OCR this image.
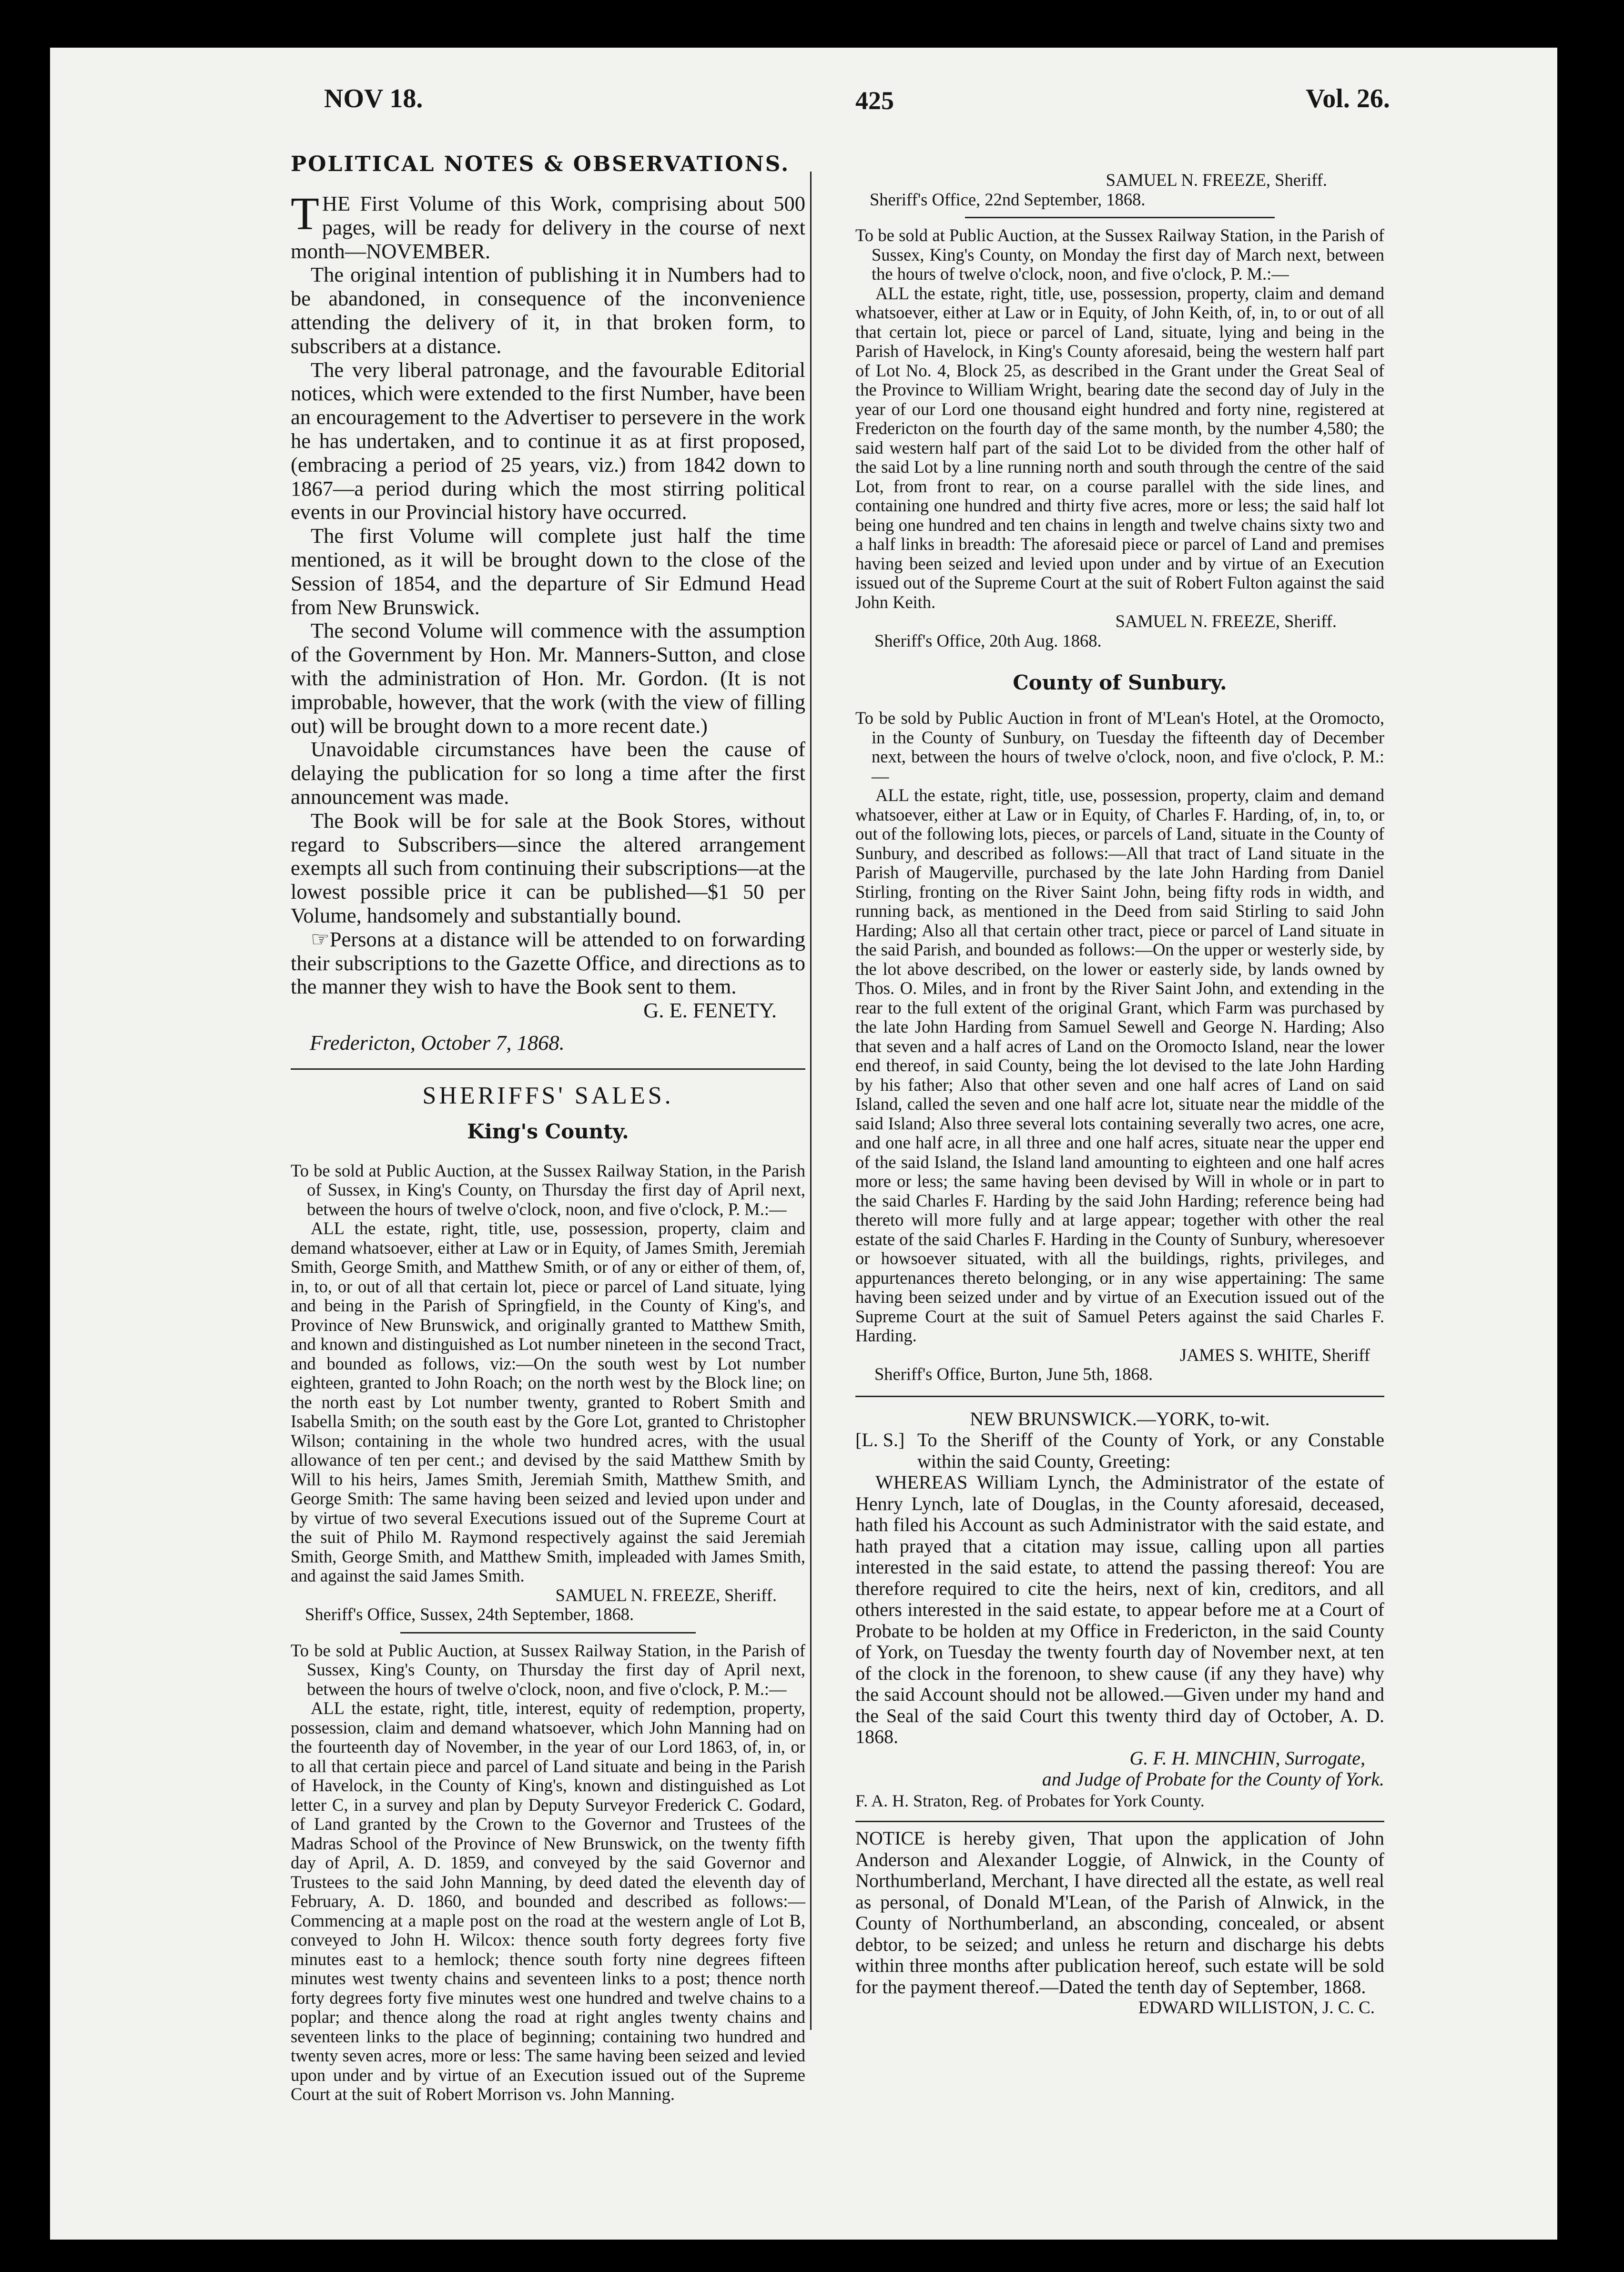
NOV 18.	425	Vol. 26.
POLITICAL NOTES & OBSERVATIONS.

THE First Volume of this Work, comprising about 500 pages, will be ready for delivery in the course of next month—NOVEMBER.

The original intention of publishing it in Numbers had to be abandoned, in consequence of the inconvenience attending the delivery of it, in that broken form, to subscribers at a distance.

The very liberal patronage, and the favourable Editorial notices, which were extended to the first Number, have been an encouragement to the Advertiser to persevere in the work he has undertaken, and to continue it as at first proposed, (embracing a period of 25 years, viz.) from 1842 down to 1867—a period during which the most stirring political events in our Provincial history have occurred.

The first Volume will complete just half the time mentioned, as it will be brought down to the close of the Session of 1854, and the departure of Sir Edmund Head from New Brunswick.

The second Volume will commence with the assumption of the Government by Hon. Mr. Manners-Sutton, and close with the administration of Hon. Mr. Gordon. (It is not improbable, however, that the work (with the view of filling out) will be brought down to a more recent date.)

Unavoidable circumstances have been the cause of delaying the publication for so long a time after the first announcement was made.

The Book will be for sale at the Book Stores, without regard to Subscribers—since the altered arrangement exempts all such from continuing their subscriptions—at the lowest possible price it can be published—$1 50 per Volume, handsomely and substantially bound.

☞Persons at a distance will be attended to on forwarding their subscriptions to the Gazette Office, and directions as to the manner they wish to have the Book sent to them.

G. E. FENETY.

Fredericton, October 7, 1868.

SHERIFFS' SALES.
King's County.

To be sold at Public Auction, at the Sussex Railway Station, in the Parish of Sussex, in King's County, on Thursday the first day of April next, between the hours of twelve o'clock, noon, and five o'clock, P. M.:—

ALL the estate, right, title, use, possession, property, claim and demand whatsoever, either at Law or in Equity, of James Smith, Jeremiah Smith, George Smith, and Matthew Smith, or of any or either of them, of, in, to, or out of all that certain lot, piece or parcel of Land situate, lying and being in the Parish of Springfield, in the County of King's, and Province of New Brunswick, and originally granted to Matthew Smith, and known and distinguished as Lot number nineteen in the second Tract, and bounded as follows, viz:—On the south west by Lot number eighteen, granted to John Roach; on the north west by the Block line; on the north east by Lot number twenty, granted to Robert Smith and Isabella Smith; on the south east by the Gore Lot, granted to Christopher Wilson; containing in the whole two hundred acres, with the usual allowance of ten per cent.; and devised by the said Matthew Smith by Will to his heirs, James Smith, Jeremiah Smith, Matthew Smith, and George Smith: The same having been seized and levied upon under and by virtue of two several Executions issued out of the Supreme Court at the suit of Philo M. Raymond respectively against the said Jeremiah Smith, George Smith, and Matthew Smith, impleaded with James Smith, and against the said James Smith.

SAMUEL N. FREEZE, Sheriff.

Sheriff's Office, Sussex, 24th September, 1868.

To be sold at Public Auction, at Sussex Railway Station, in the Parish of Sussex, King's County, on Thursday the first day of April next, between the hours of twelve o'clock, noon, and five o'clock, P. M.:—

ALL the estate, right, title, interest, equity of redemption, property, possession, claim and demand whatsoever, which John Manning had on the fourteenth day of November, in the year of our Lord 1863, of, in, or to all that certain piece and parcel of Land situate and being in the Parish of Havelock, in the County of King's, known and distinguished as Lot letter C, in a survey and plan by Deputy Surveyor Frederick C. Godard, of Land granted by the Crown to the Governor and Trustees of the Madras School of the Province of New Brunswick, on the twenty fifth day of April, A. D. 1859, and conveyed by the said Governor and Trustees to the said John Manning, by deed dated the eleventh day of February, A. D. 1860, and bounded and described as follows:—Commencing at a maple post on the road at the western angle of Lot B, conveyed to John H. Wilcox: thence south forty degrees forty five minutes east to a hemlock; thence south forty nine degrees fifteen minutes west twenty chains and seventeen links to a post; thence north forty degrees forty five minutes west one hundred and twelve chains to a poplar; and thence along the road at right angles twenty chains and seventeen links to the place of beginning; containing two hundred and twenty seven acres, more or less: The same having been seized and levied upon under and by virtue of an Execution issued out of the Supreme Court at the suit of Robert Morrison vs. John Manning.

SAMUEL N. FREEZE, Sheriff.

Sheriff's Office, 22nd September, 1868.

To be sold at Public Auction, at the Sussex Railway Station, in the Parish of Sussex, King's County, on Monday the first day of March next, between the hours of twelve o'clock, noon, and five o'clock, P. M.:—

ALL the estate, right, title, use, possession, property, claim and demand whatsoever, either at Law or in Equity, of John Keith, of, in, to or out of all that certain lot, piece or parcel of Land, situate, lying and being in the Parish of Havelock, in King's County aforesaid, being the western half part of Lot No. 4, Block 25, as described in the Grant under the Great Seal of the Province to William Wright, bearing date the second day of July in the year of our Lord one thousand eight hundred and forty nine, registered at Fredericton on the fourth day of the same month, by the number 4,580; the said western half part of the said Lot to be divided from the other half of the said Lot by a line running north and south through the centre of the said Lot, from front to rear, on a course parallel with the side lines, and containing one hundred and thirty five acres, more or less; the said half lot being one hundred and ten chains in length and twelve chains sixty two and a half links in breadth: The aforesaid piece or parcel of Land and premises having been seized and levied upon under and by virtue of an Execution issued out of the Supreme Court at the suit of Robert Fulton against the said John Keith.

SAMUEL N. FREEZE, Sheriff.

Sheriff's Office, 20th Aug. 1868.

County of Sunbury.

To be sold by Public Auction in front of M'Lean's Hotel, at the Oromocto, in the County of Sunbury, on Tuesday the fifteenth day of December next, between the hours of twelve o'clock, noon, and five o'clock, P. M.:—

ALL the estate, right, title, use, possession, property, claim and demand whatsoever, either at Law or in Equity, of Charles F. Harding, of, in, to, or out of the following lots, pieces, or parcels of Land, situate in the County of Sunbury, and described as follows:—All that tract of Land situate in the Parish of Maugerville, purchased by the late John Harding from Daniel Stirling, fronting on the River Saint John, being fifty rods in width, and running back, as mentioned in the Deed from said Stirling to said John Harding; Also all that certain other tract, piece or parcel of Land situate in the said Parish, and bounded as follows:—On the upper or westerly side, by the lot above described, on the lower or easterly side, by lands owned by Thos. O. Miles, and in front by the River Saint John, and extending in the rear to the full extent of the original Grant, which Farm was purchased by the late John Harding from Samuel Sewell and George N. Harding; Also that seven and a half acres of Land on the Oromocto Island, near the lower end thereof, in said County, being the lot devised to the late John Harding by his father; Also that other seven and one half acres of Land on said Island, called the seven and one half acre lot, situate near the middle of the said Island; Also three several lots containing severally two acres, one acre, and one half acre, in all three and one half acres, situate near the upper end of the said Island, the Island land amounting to eighteen and one half acres more or less; the same having been devised by Will in whole or in part to the said Charles F. Harding by the said John Harding; reference being had thereto will more fully and at large appear; together with other the real estate of the said Charles F. Harding in the County of Sunbury, wheresoever or howsoever situated, with all the buildings, rights, privileges, and appurtenances thereto belonging, or in any wise appertaining: The same having been seized under and by virtue of an Execution issued out of the Supreme Court at the suit of Samuel Peters against the said Charles F. Harding.

JAMES S. WHITE, Sheriff

Sheriff's Office, Burton, June 5th, 1868.

NEW BRUNSWICK.—YORK, to-wit.

[L. S.] To the Sheriff of the County of York, or any Constable within the said County, Greeting:

WHEREAS William Lynch, the Administrator of the estate of Henry Lynch, late of Douglas, in the County aforesaid, deceased, hath filed his Account as such Administrator with the said estate, and hath prayed that a citation may issue, calling upon all parties interested in the said estate, to attend the passing thereof: You are therefore required to cite the heirs, next of kin, creditors, and all others interested in the said estate, to appear before me at a Court of Probate to be holden at my Office in Fredericton, in the said County of York, on Tuesday the twenty fourth day of November next, at ten of the clock in the forenoon, to shew cause (if any they have) why the said Account should not be allowed.—Given under my hand and the Seal of the said Court this twenty third day of October, A. D. 1868.

G. F. H. MINCHIN, Surrogate,

and Judge of Probate for the County of York.

F. A. H. Straton, Reg. of Probates for York County.

NOTICE is hereby given, That upon the application of John Anderson and Alexander Loggie, of Alnwick, in the County of Northumberland, Merchant, I have directed all the estate, as well real as personal, of Donald M'Lean, of the Parish of Alnwick, in the County of Northumberland, an absconding, concealed, or absent debtor, to be seized; and unless he return and discharge his debts within three months after publication hereof, such estate will be sold for the payment thereof.—Dated the tenth day of September, 1868.

EDWARD WILLISTON, J. C. C.
